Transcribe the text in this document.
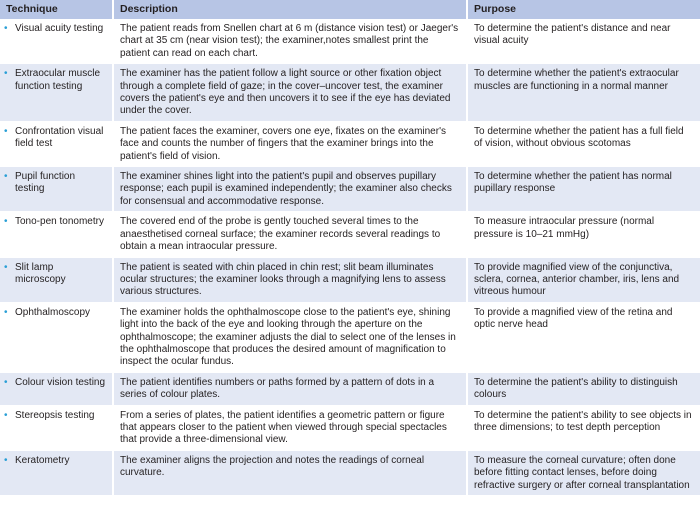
Technique	Description	Purpose

• Visual acuity testing	The patient reads from Snellen chart at 6 m (distance vision test) or Jaeger's chart at 35 cm (near vision test); the examiner,notes smallest print the patient can read on each chart.	To determine the patient's distance and near visual acuity

• Extraocular muscle function testing	The examiner has the patient follow a light source or other fixation object through a complete field of gaze; in the cover–uncover test, the examiner covers the patient's eye and then uncovers it to see if the eye has deviated under the cover.	To determine whether the patient's extraocular muscles are functioning in a normal manner

• Confrontation visual field test	The patient faces the examiner, covers one eye, fixates on the examiner's face and counts the number of fingers that the examiner brings into the patient's field of vision.	To determine whether the patient has a full field of vision, without obvious scotomas

• Pupil function testing	The examiner shines light into the patient's pupil and observes pupillary response; each pupil is examined independently; the examiner also checks for consensual and accommodative response.	To determine whether the patient has normal pupillary response

• Tono-pen tonometry	The covered end of the probe is gently touched several times to the anaesthetised corneal surface; the examiner records several readings to obtain a mean intraocular pressure.	To measure intraocular pressure (normal pressure is 10–21 mmHg)

• Slit lamp microscopy	The patient is seated with chin placed in chin rest; slit beam illuminates ocular structures; the examiner looks through a magnifying lens to assess various structures.	To provide magnified view of the conjunctiva, sclera, cornea, anterior chamber, iris, lens and vitreous humour

• Ophthalmoscopy	The examiner holds the ophthalmoscope close to the patient's eye, shining light into the back of the eye and looking through the aperture on the ophthalmoscope; the examiner adjusts the dial to select one of the lenses in the ophthalmoscope that produces the desired amount of magnification to inspect the ocular fundus.	To provide a magnified view of the retina and optic nerve head

• Colour vision testing	The patient identifies numbers or paths formed by a pattern of dots in a series of colour plates.	To determine the patient's ability to distinguish colours

• Stereopsis testing	From a series of plates, the patient identifies a geometric pattern or figure that appears closer to the patient when viewed through special spectacles that provide a three-dimensional view.	To determine the patient's ability to see objects in three dimensions; to test depth perception

• Keratometry	The examiner aligns the projection and notes the readings of corneal curvature.	To measure the corneal curvature; often done before fitting contact lenses, before doing refractive surgery or after corneal transplantation
